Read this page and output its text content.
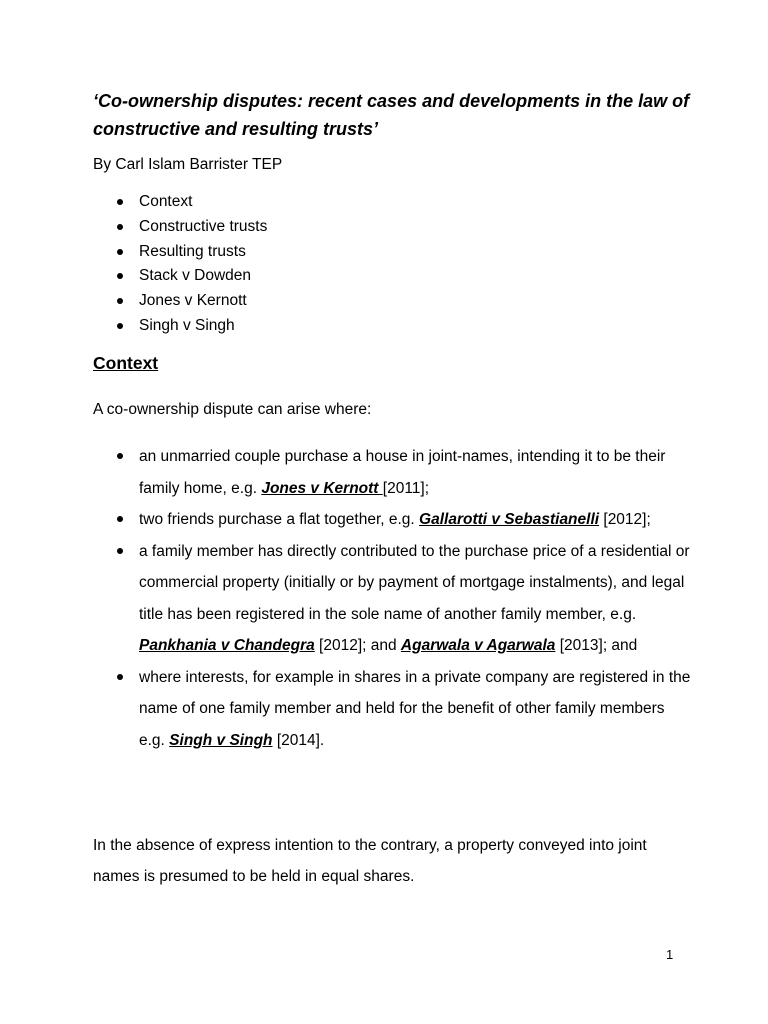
‘Co-ownership disputes: recent cases and developments in the law of constructive and resulting trusts’

By Carl Islam Barrister TEP

Context
Constructive trusts
Resulting trusts
Stack v Dowden
Jones v Kernott
Singh v Singh
Context

A co-ownership dispute can arise where:

an unmarried couple purchase a house in joint-names, intending it to be their family home, e.g. Jones v Kernott [2011];
two friends purchase a flat together, e.g. Gallarotti v Sebastianelli [2012];
a family member has directly contributed to the purchase price of a residential or commercial property (initially or by payment of mortgage instalments), and legal title has been registered in the sole name of another family member, e.g. Pankhania v Chandegra [2012]; and Agarwala v Agarwala [2013]; and
where interests, for example in shares in a private company are registered in the name of one family member and held for the benefit of other family members e.g. Singh v Singh [2014].

In the absence of express intention to the contrary, a property conveyed into joint names is presumed to be held in equal shares.

1
